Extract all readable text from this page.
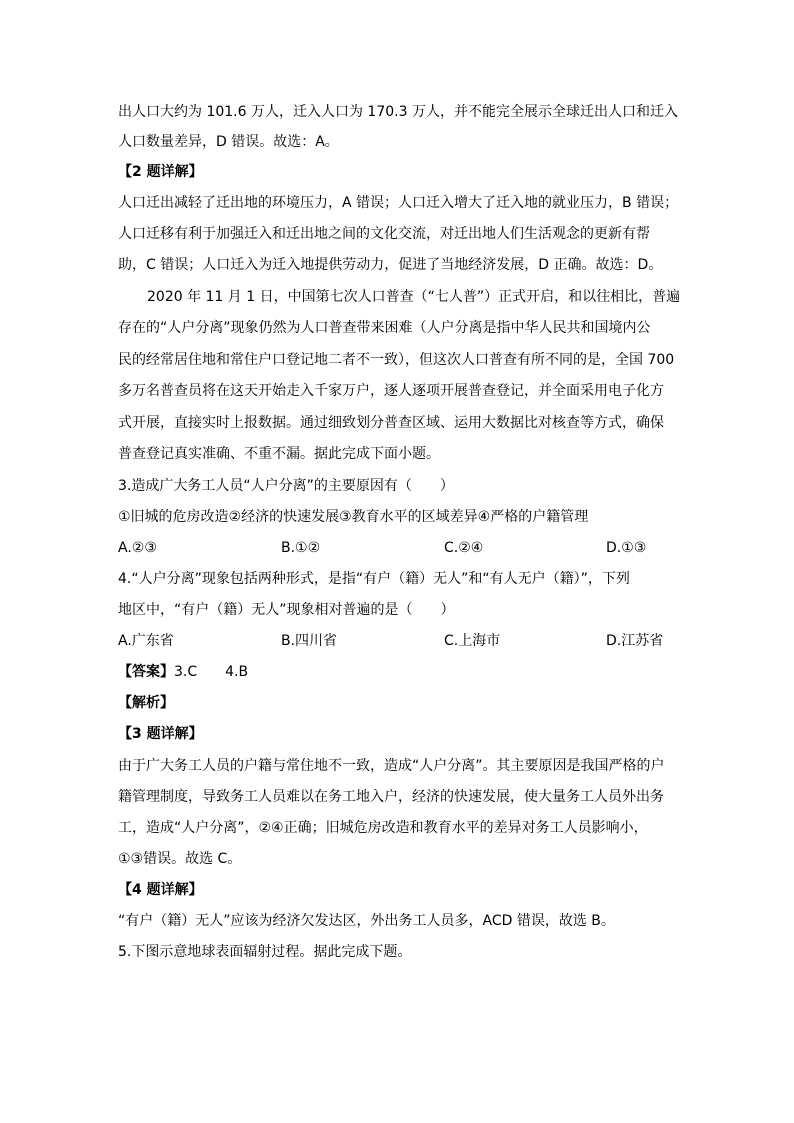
出人口大约为 101.6 万人，迁入人口为 170.3 万人，并不能完全展示全球迁出人口和迁入
人口数量差异，D 错误。故选：A。
【2 题详解】
人口迁出减轻了迁出地的环境压力，A 错误；人口迁入增大了迁入地的就业压力，B 错误；
人口迁移有利于加强迁入和迁出地之间的文化交流，对迁出地人们生活观念的更新有帮
助，C 错误；人口迁入为迁入地提供劳动力，促进了当地经济发展，D 正确。故选：D。
2020 年 11 月 1 日，中国第七次人口普查（“七人普”）正式开启，和以往相比，普遍
存在的“人户分离”现象仍然为人口普查带来困难（人户分离是指中华人民共和国境内公
民的经常居住地和常住户口登记地二者不一致），但这次人口普查有所不同的是，全国 700
多万名普查员将在这天开始走入千家万户，逐人逐项开展普查登记，并全面采用电子化方
式开展，直接实时上报数据。通过细致划分普查区域、运用大数据比对核查等方式，确保
普查登记真实准确、不重不漏。据此完成下面小题。
3.造成广大务工人员“人户分离”的主要原因有（　　）
①旧城的危房改造②经济的快速发展③教育水平的区域差异④严格的户籍管理
A.②③	B.①②	C.②④	D.①③
4.“人户分离”现象包括两种形式，是指“有户（籍）无人”和“有人无户（籍）”，下列
地区中，“有户（籍）无人”现象相对普遍的是（　　）
A.广东省	B.四川省	C.上海市	D.江苏省
【答案】3.C　　4.B
【解析】
【3 题详解】
由于广大务工人员的户籍与常住地不一致，造成“人户分离”。其主要原因是我国严格的户
籍管理制度，导致务工人员难以在务工地入户，经济的快速发展，使大量务工人员外出务
工，造成“人户分离”，②④正确；旧城危房改造和教育水平的差异对务工人员影响小，
①③错误。故选 C。
【4 题详解】
“有户（籍）无人”应该为经济欠发达区，外出务工人员多，ACD 错误，故选 B。
5.下图示意地球表面辐射过程。据此完成下题。
